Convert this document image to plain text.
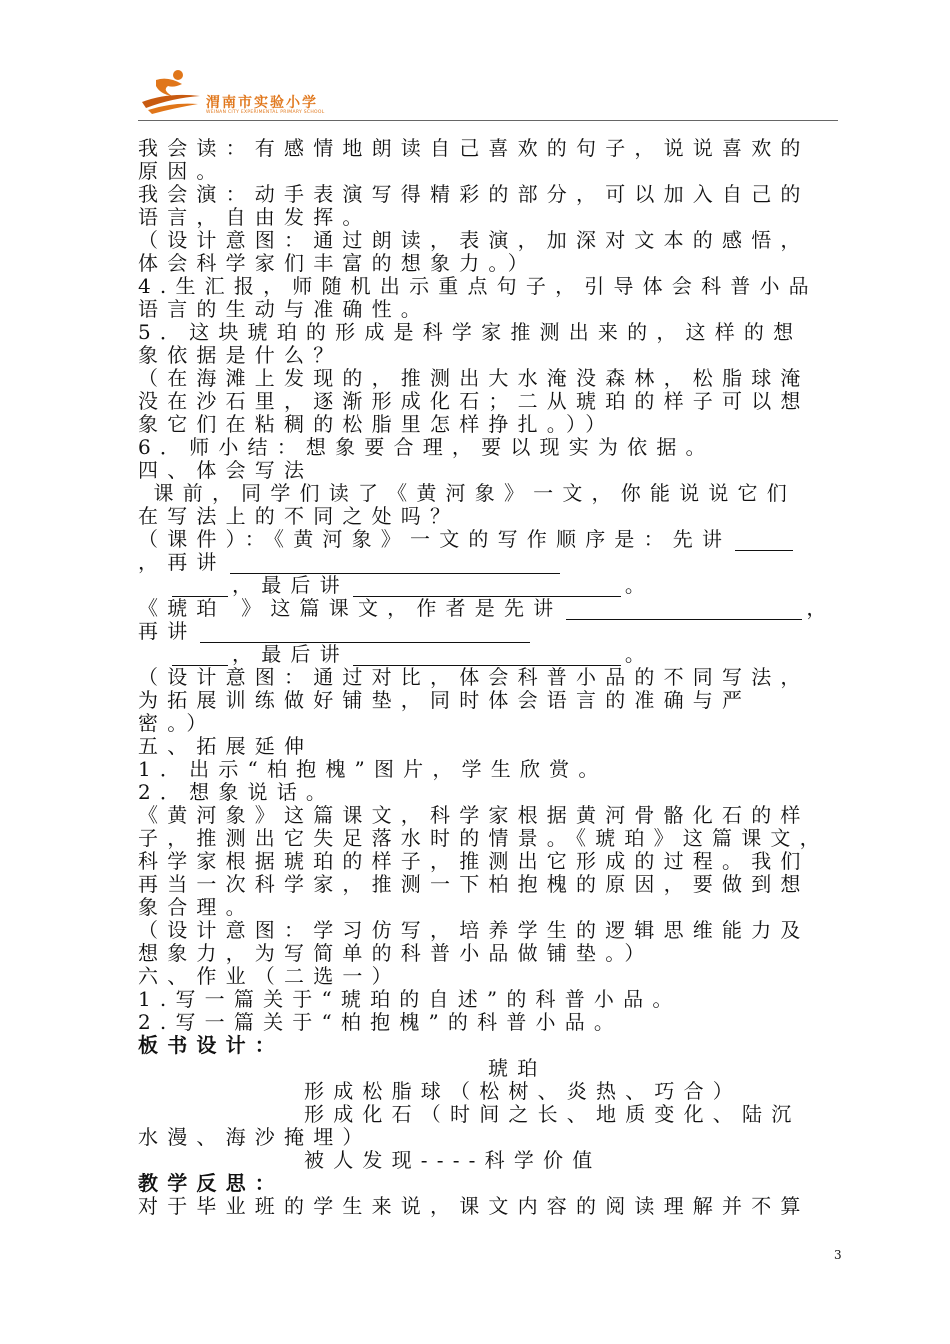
渭南市实验小学
WEINAN CITY EXPERIMENTAL PRIMARY SCHOOL
我会读：有感情地朗读自己喜欢的句子，说说喜欢的
原因。
我会演：动手表演写得精彩的部分，可以加入自己的
语言，自由发挥。
（设计意图：通过朗读，表演，加深对文本的感悟，
体会科学家们丰富的想象力。）
4.生汇报，师随机出示重点句子，引导体会科普小品
语言的生动与准确性。
5．这块琥珀的形成是科学家推测出来的，这样的想
象依据是什么？
（在海滩上发现的，推测出大水淹没森林，松脂球淹
没在沙石里，逐渐形成化石；二从琥珀的样子可以想
象它们在粘稠的松脂里怎样挣扎。））
6．师小结：想象要合理，要以现实为依据。
四、体会写法
课前，同学们读了《黄河象》一文，你能说说它们
在写法上的不同之处吗？
（课件）：《黄河象》一文的写作顺序是：先讲
，再讲
，最后讲	。
《琥珀 》这篇课文，作者是先讲	，
再讲
，最后讲	。
（设计意图：通过对比，体会科普小品的不同写法，
为拓展训练做好铺垫，同时体会语言的准确与严
密。）
五、拓展延伸
1．出示“柏抱槐”图片，学生欣赏。
2．想象说话。
《黄河象》这篇课文，科学家根据黄河骨骼化石的样
子，推测出它失足落水时的情景。《琥珀》这篇课文，
科学家根据琥珀的样子，推测出它形成的过程。我们
再当一次科学家，推测一下柏抱槐的原因，要做到想
象合理。
（设计意图：学习仿写，培养学生的逻辑思维能力及
想象力，为写简单的科普小品做铺垫。）
六、作业（二选一）
1.写一篇关于“琥珀的自述”的科普小品。
2.写一篇关于“柏抱槐”的科普小品。
板书设计：
琥珀
形成松脂球（松树、炎热、巧合）
形成化石（时间之长、地质变化、陆沉
水漫、海沙掩埋）
被人发现----科学价值
教学反思：
对于毕业班的学生来说，课文内容的阅读理解并不算
3
